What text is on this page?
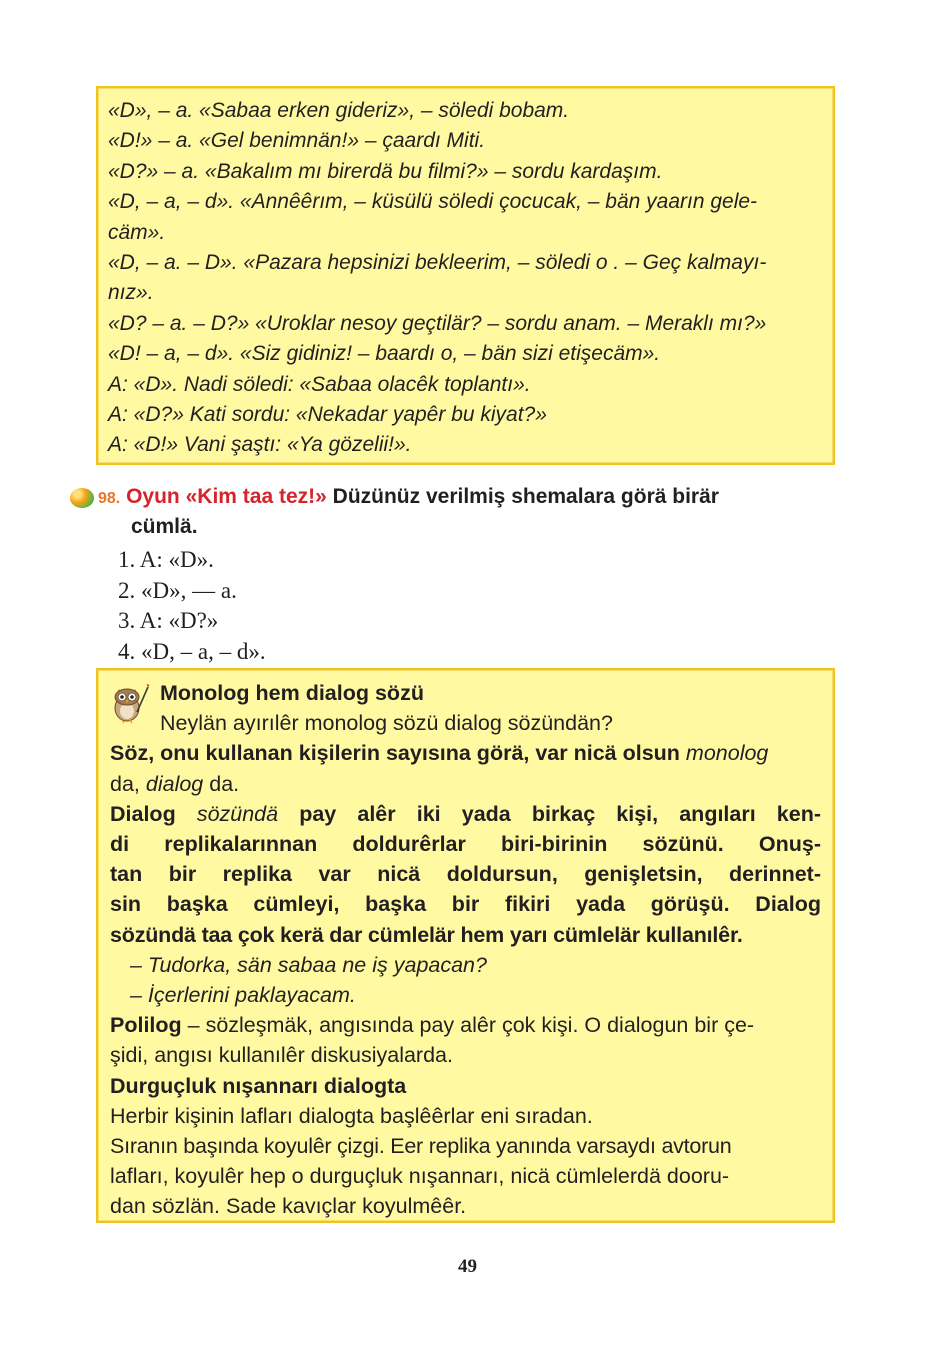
«D», – a. «Sabaa erken gideriz», – söledi bobam.
«D!» – a. «Gel benimnän!» – çaardı Miti.
«D?» – a. «Bakalım mı birerdä bu filmi?» – sordu kardaşım.
«D, – a, – d». «Annêêrım, – küsülü söledi çocucak, – bän yaarın gele-
cäm».
«D, – a. – D». «Pazara hepsinizi bekleerim, – söledi o . – Geç kalmayı-
nız».
«D? – a. – D?» «Uroklar nesoy geçtilär? – sordu anam. – Meraklı mı?»
«D! – a, – d». «Siz gidiniz! – baardı o, – bän sizi etişecäm».
A: «D». Nadi söledi: «Sabaa olacêk toplantı».
A: «D?» Kati sordu: «Nekadar yapêr bu kiyat?»
A: «D!» Vani şaştı: «Ya gözelii!».
98. Oyun «Kim taa tez!» Düzünüz verilmiş shemalara görä birär
cümlä.
1. A: «D».
2. «D», — a.
3. A: «D?»
4. «D, – a, – d».
Monolog hem dialog sözü
Neylän ayırılêr monolog sözü dialog sözündän?
Söz, onu kullanan kişilerin sayısına görä, var nicä olsun monolog
da, dialog da.
Dialog sözündä pay alêr iki yada birkaç kişi, angıları ken-
di replikalarınnan doldurêrlar biri-birinin sözünü. Onuş-
tan bir replika var nicä doldursun, genişletsin, derinnet-
sin başka cümleyi, başka bir fikiri yada görüşü. Dialog
sözündä taa çok kerä dar cümlelär hem yarı cümlelär kullanılêr.
– Tudorka, sän sabaa ne iş yapacan?
– İçerlerini paklayacam.
Polilog – sözleşmäk, angısında pay alêr çok kişi. O dialogun bir çe-
şidi, angısı kullanılêr diskusiyalarda.
Durguçluk nışannarı dialogta
Herbir kişinin lafları dialogta başlêêrlar eni sıradan.
Sıranın başında koyulêr çizgi. Eer replika yanında varsaydı avtorun
lafları, koyulêr hep o durguçluk nışannarı, nicä cümlelerdä dooru-
dan sözlän. Sade kavıçlar koyulmêêr.
49
